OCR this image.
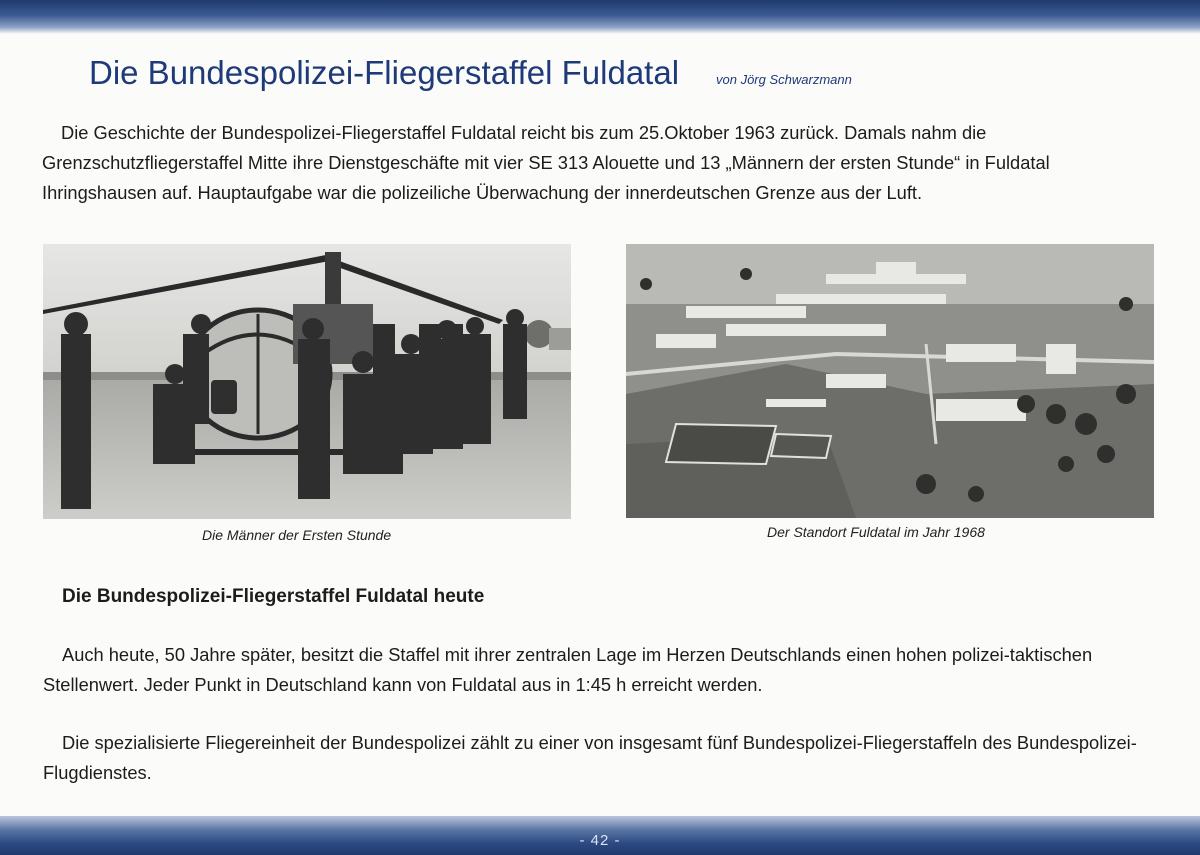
Die Bundespolizei-Fliegerstaffel Fuldatal	von Jörg Schwarzmann

Die Geschichte der Bundespolizei-Fliegerstaffel Fuldatal reicht bis zum 25.Oktober 1963 zurück. Damals nahm die Grenzschutzfliegerstaffel Mitte ihre Dienstgeschäfte mit vier SE 313 Alouette und 13 „Männern der ersten Stunde“ in Fuldatal Ihringshausen auf. Hauptaufgabe war die polizeiliche Überwachung der innerdeutschen Grenze aus der Luft.

Die Männer der Ersten Stunde	Der Standort Fuldatal im Jahr 1968
Die Bundespolizei-Fliegerstaffel Fuldatal heute

Auch heute, 50 Jahre später, besitzt die Staffel mit ihrer zentralen Lage im Herzen Deutschlands einen hohen polizei-taktischen Stellenwert. Jeder Punkt in Deutschland kann von Fuldatal aus in 1:45 h erreicht werden.

Die spezialisierte Fliegereinheit der Bundespolizei zählt zu einer von insgesamt fünf Bundespolizei-Fliegerstaffeln des Bundespolizei-Flugdienstes.

- 42 -
